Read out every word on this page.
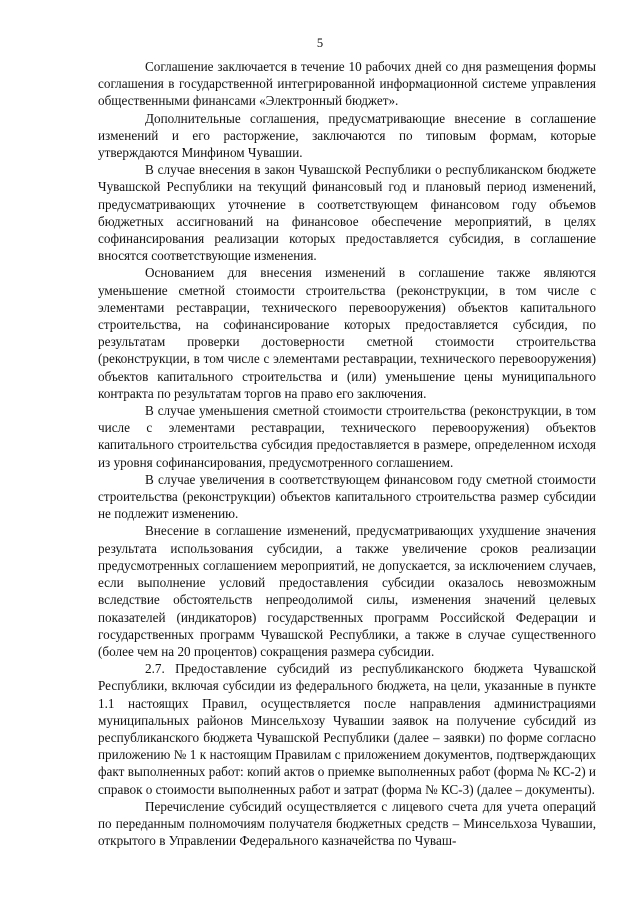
5

Соглашение заключается в течение 10 рабочих дней со дня размещения формы соглашения в государственной интегрированной информационной системе управления общественными финансами «Электронный бюджет».

Дополнительные соглашения, предусматривающие внесение в соглашение изменений и его расторжение, заключаются по типовым формам, которые утверждаются Минфином Чувашии.

В случае внесения в закон Чувашской Республики о республиканском бюджете Чувашской Республики на текущий финансовый год и плановый период изменений, предусматривающих уточнение в соответствующем финансовом году объемов бюджетных ассигнований на финансовое обеспечение мероприятий, в целях софинансирования реализации которых предоставляется субсидия, в соглашение вносятся соответствующие изменения.

Основанием для внесения изменений в соглашение также являются уменьшение сметной стоимости строительства (реконструкции, в том числе с элементами реставрации, технического перевооружения) объектов капитального строительства, на софинансирование которых предоставляется субсидия, по результатам проверки достоверности сметной стоимости строительства (реконструкции, в том числе с элементами реставрации, технического перевооружения) объектов капитального строительства и (или) уменьшение цены муниципального контракта по результатам торгов на право его заключения.

В случае уменьшения сметной стоимости строительства (реконструкции, в том числе с элементами реставрации, технического перевооружения) объектов капитального строительства субсидия предоставляется в размере, определенном исходя из уровня софинансирования, предусмотренного соглашением.

В случае увеличения в соответствующем финансовом году сметной стоимости строительства (реконструкции) объектов капитального строительства размер субсидии не подлежит изменению.

Внесение в соглашение изменений, предусматривающих ухудшение значения результата использования субсидии, а также увеличение сроков реализации предусмотренных соглашением мероприятий, не допускается, за исключением случаев, если выполнение условий предоставления субсидии оказалось невозможным вследствие обстоятельств непреодолимой силы, изменения значений целевых показателей (индикаторов) государственных программ Российской Федерации и государственных программ Чувашской Республики, а также в случае существенного (более чем на 20 процентов) сокращения размера субсидии.

2.7. Предоставление субсидий из республиканского бюджета Чувашской Республики, включая субсидии из федерального бюджета, на цели, указанные в пункте 1.1 настоящих Правил, осуществляется после направления администрациями муниципальных районов Минсельхозу Чувашии заявок на получение субсидий из республиканского бюджета Чувашской Республики (далее – заявки) по форме согласно приложению № 1 к настоящим Правилам с приложением документов, подтверждающих факт выполненных работ: копий актов о приемке выполненных работ (форма № КС-2) и справок о стоимости выполненных работ и затрат (форма № КС-3) (далее – документы).

Перечисление субсидий осуществляется с лицевого счета для учета операций по переданным полномочиям получателя бюджетных средств – Минсельхоза Чувашии, открытого в Управлении Федерального казначейства по Чуваш-
